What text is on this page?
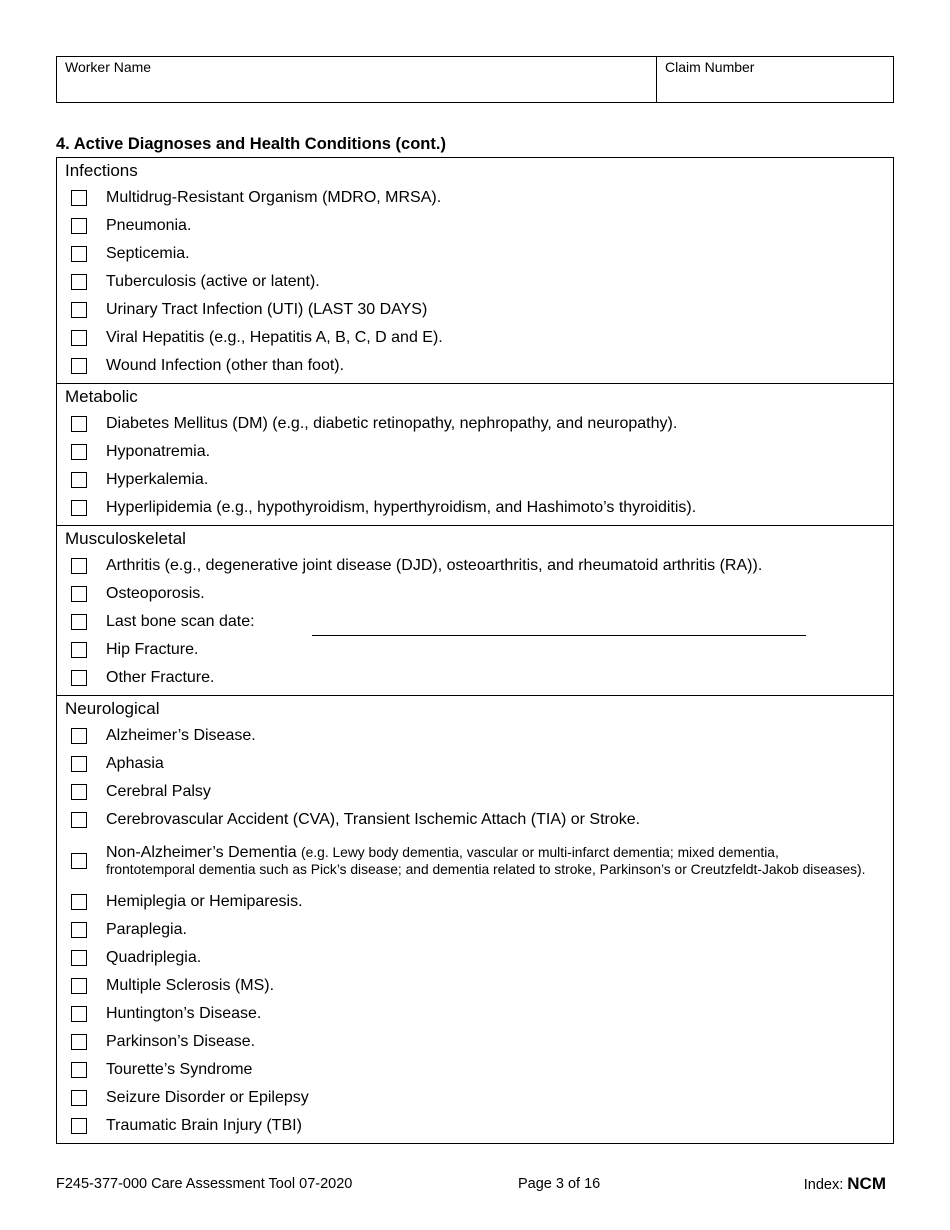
Worker Name	Claim Number
4. Active Diagnoses and Health Conditions (cont.)
Infections
Multidrug-Resistant Organism (MDRO, MRSA).
Pneumonia.
Septicemia.
Tuberculosis (active or latent).
Urinary Tract Infection (UTI) (LAST 30 DAYS)
Viral Hepatitis (e.g., Hepatitis A, B, C, D and E).
Wound Infection (other than foot).
Metabolic
Diabetes Mellitus (DM) (e.g., diabetic retinopathy, nephropathy, and neuropathy).
Hyponatremia.
Hyperkalemia.
Hyperlipidemia (e.g., hypothyroidism, hyperthyroidism, and Hashimoto’s thyroiditis).
Musculoskeletal
Arthritis (e.g., degenerative joint disease (DJD), osteoarthritis, and rheumatoid arthritis (RA)).
Osteoporosis.
Last bone scan date:
Hip Fracture.
Other Fracture.
Neurological
Alzheimer’s Disease.
Aphasia
Cerebral Palsy
Cerebrovascular Accident (CVA), Transient Ischemic Attach (TIA) or Stroke.
Non-Alzheimer’s Dementia (e.g. Lewy body dementia, vascular or multi-infarct dementia; mixed dementia, frontotemporal dementia such as Pick’s disease; and dementia related to stroke, Parkinson’s or Creutzfeldt-Jakob diseases).
Hemiplegia or Hemiparesis.
Paraplegia.
Quadriplegia.
Multiple Sclerosis (MS).
Huntington’s Disease.
Parkinson’s Disease.
Tourette’s Syndrome
Seizure Disorder or Epilepsy
Traumatic Brain Injury (TBI)
F245-377-000 Care Assessment Tool 07-2020	Page 3 of 16	Index: NCM
